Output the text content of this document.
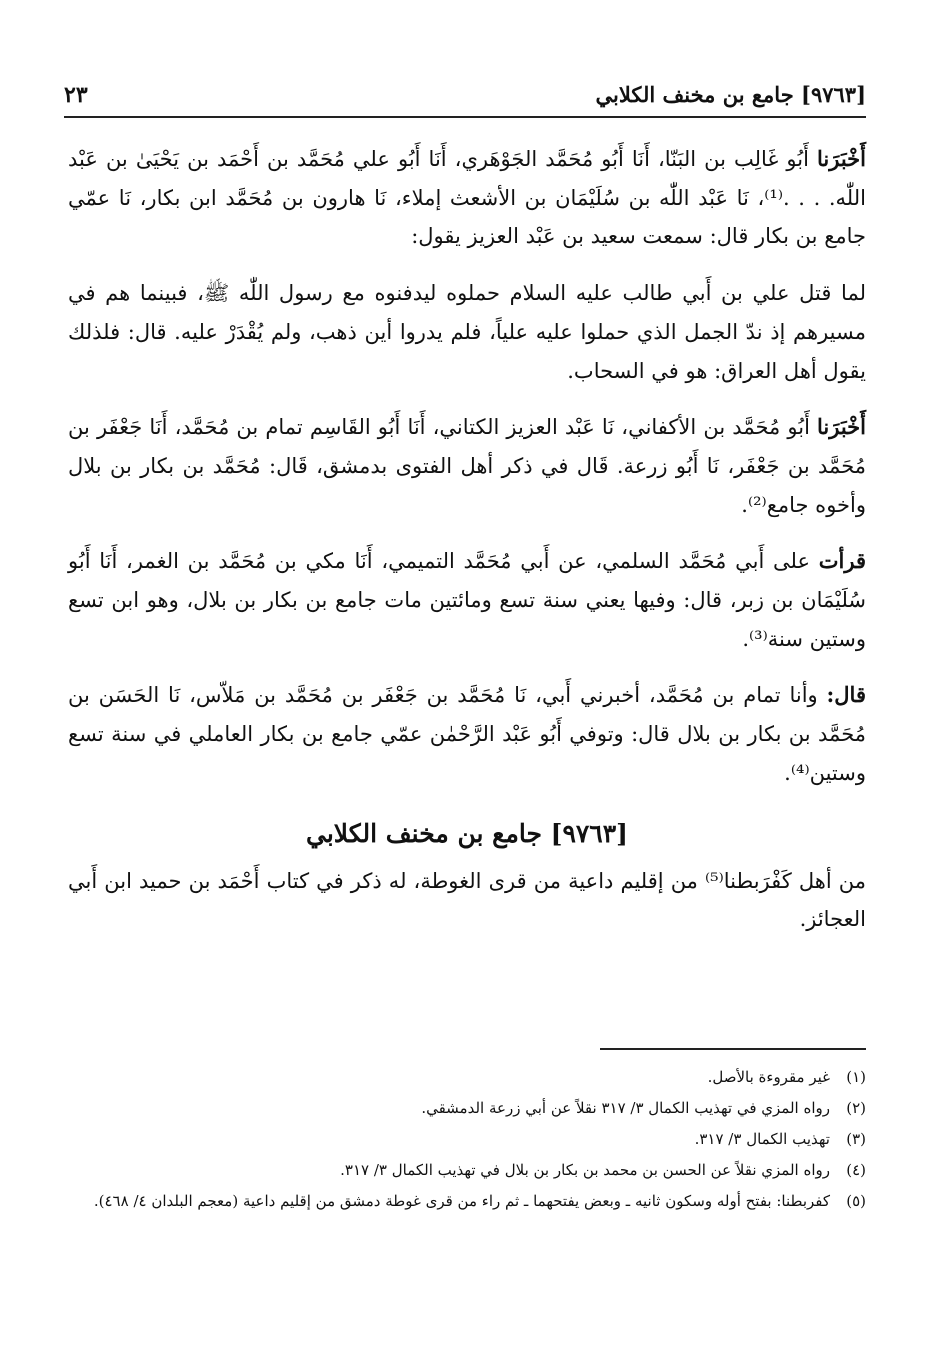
[٩٧٦٣] جامع بن مخنف الكلابي
٢٣

أَخْبَرَنا أَبُو غَالِب بن البَنّا، أَنَا أَبُو مُحَمَّد الجَوْهَري، أَنَا أَبُو علي مُحَمَّد بن أَحْمَد بن يَحْيَىٰ بن عَبْد اللّٰه. . . .⁽¹⁾، نَا عَبْد اللّٰه بن سُلَيْمَان بن الأشعث إملاء، نَا هارون بن مُحَمَّد ابن بكار، نَا عمّي جامع بن بكار قال: سمعت سعيد بن عَبْد العزيز يقول:

لما قتل علي بن أَبي طالب عليه السلام حملوه ليدفنوه مع رسول اللّٰه ﷺ، فبينما هم في مسيرهم إذ ندّ الجمل الذي حملوا عليه علياً، فلم يدروا أين ذهب، ولم يُقْدَرْ عليه. قال: فلذلك يقول أهل العراق: هو في السحاب.

أَخْبَرَنا أَبُو مُحَمَّد بن الأكفاني، نَا عَبْد العزيز الكتاني، أَنَا أَبُو القَاسِم تمام بن مُحَمَّد، أَنَا جَعْفَر بن مُحَمَّد بن جَعْفَر، نَا أَبُو زرعة. قَال في ذكر أهل الفتوى بدمشق، قَال: مُحَمَّد بن بكار بن بلال وأخوه جامع⁽²⁾.

قرأت على أَبي مُحَمَّد السلمي، عن أَبي مُحَمَّد التميمي، أَنَا مكي بن مُحَمَّد بن الغمر، أَنَا أَبُو سُلَيْمَان بن زبر، قال: وفيها يعني سنة تسع ومائتين مات جامع بن بكار بن بلال، وهو ابن تسع وستين سنة⁽³⁾.

قال: وأنا تمام بن مُحَمَّد، أخبرني أَبي، نَا مُحَمَّد بن جَعْفَر بن مُحَمَّد بن مَلاّس، نَا الحَسَن بن مُحَمَّد بن بكار بن بلال قال: وتوفي أَبُو عَبْد الرَّحْمٰن عمّي جامع بن بكار العاملي في سنة تسع وستين⁽⁴⁾.

[٩٧٦٣] جامع بن مخنف الكلابي

من أهل كَفْرَبطنا⁽⁵⁾ من إقليم داعية من قرى الغوطة، له ذكر في كتاب أَحْمَد بن حميد ابن أَبي العجائز.

(١)
غير مقروءة بالأصل.
(٢)
رواه المزي في تهذيب الكمال ٣/ ٣١٧ نقلاً عن أبي زرعة الدمشقي.
(٣)
تهذيب الكمال ٣/ ٣١٧.
(٤)
رواه المزي نقلاً عن الحسن بن محمد بن بكار بن بلال في تهذيب الكمال ٣/ ٣١٧.
(٥)
كفربطنا: بفتح أوله وسكون ثانيه ـ وبعض يفتحهما ـ ثم راء من قرى غوطة دمشق من إقليم داعية (معجم البلدان ٤/ ٤٦٨).
